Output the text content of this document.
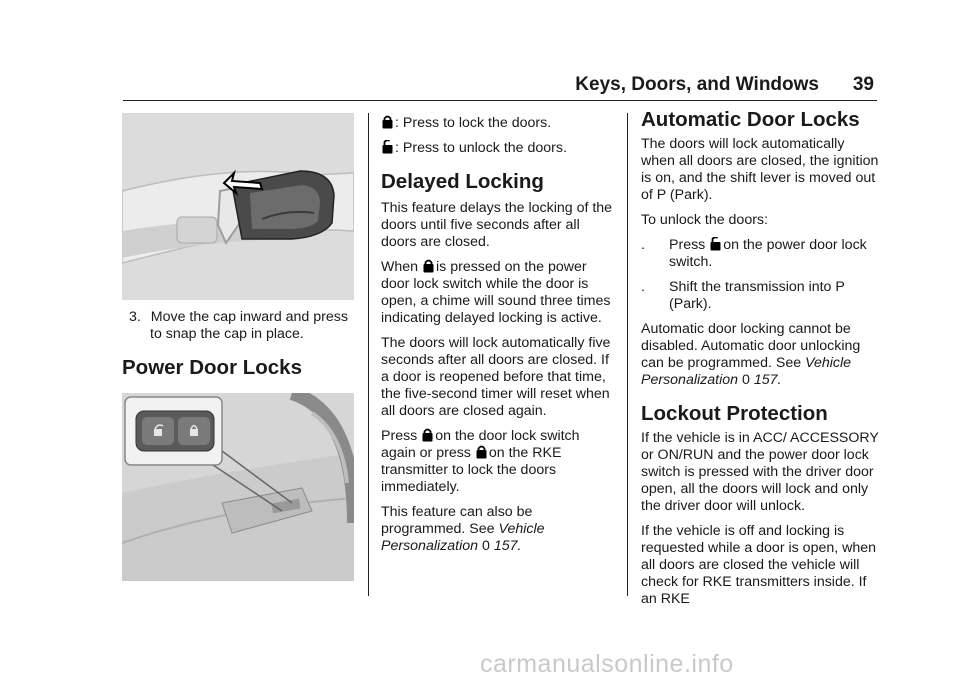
Keys, Doors, and Windows 39
3. Move the cap inward and press
to snap the cap in place.
Power Door Locks

: Press to lock the doors.

: Press to unlock the doors.

Delayed Locking

This feature delays the locking of the doors until five seconds after all doors are closed.

When is pressed on the power door lock switch while the door is open, a chime will sound three times indicating delayed locking is active.

The doors will lock automatically five seconds after all doors are closed. If a door is reopened before that time, the five-second timer will reset when all doors are closed again.

Press on the door lock switch again or press on the RKE transmitter to lock the doors immediately.

This feature can also be programmed. See Vehicle Personalization 0 157.

Automatic Door Locks

The doors will lock automatically when all doors are closed, the ignition is on, and the shift lever is moved out of P (Park).

To unlock the doors:

. Press on the power door lock switch.
. Shift the transmission into P (Park).

Automatic door locking cannot be disabled. Automatic door unlocking can be programmed. See Vehicle Personalization 0 157.

Lockout Protection

If the vehicle is in ACC/ ACCESSORY or ON/RUN and the power door lock switch is pressed with the driver door open, all the doors will lock and only the driver door will unlock.

If the vehicle is off and locking is requested while a door is open, when all doors are closed the vehicle will check for RKE transmitters inside. If an RKE

carmanualsonline.info
